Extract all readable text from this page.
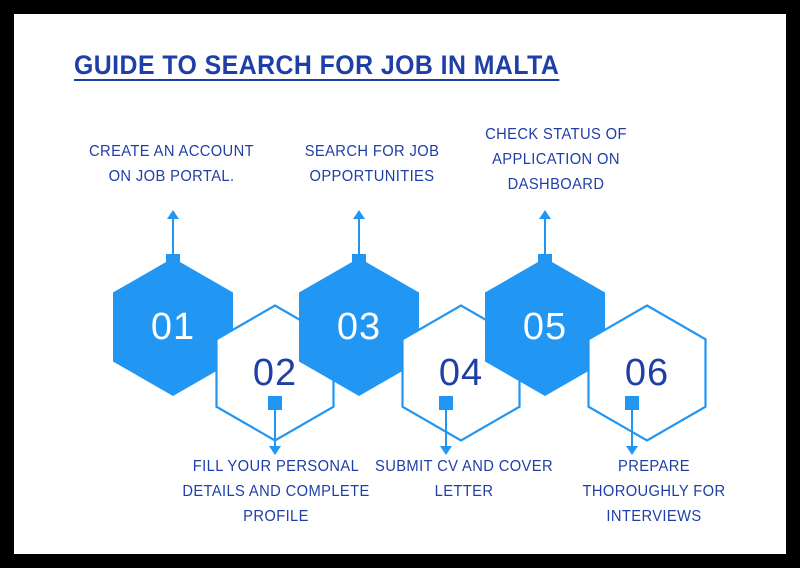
GUIDE TO SEARCH FOR JOB IN MALTA
CREATE AN ACCOUNT ON JOB PORTAL.
01
02
FILL YOUR PERSONAL DETAILS AND COMPLETE PROFILE
SEARCH FOR JOB OPPORTUNITIES
03
04
SUBMIT CV AND COVER LETTER
CHECK STATUS OF APPLICATION ON DASHBOARD
05
06
PREPARE THOROUGHLY FOR INTERVIEWS
